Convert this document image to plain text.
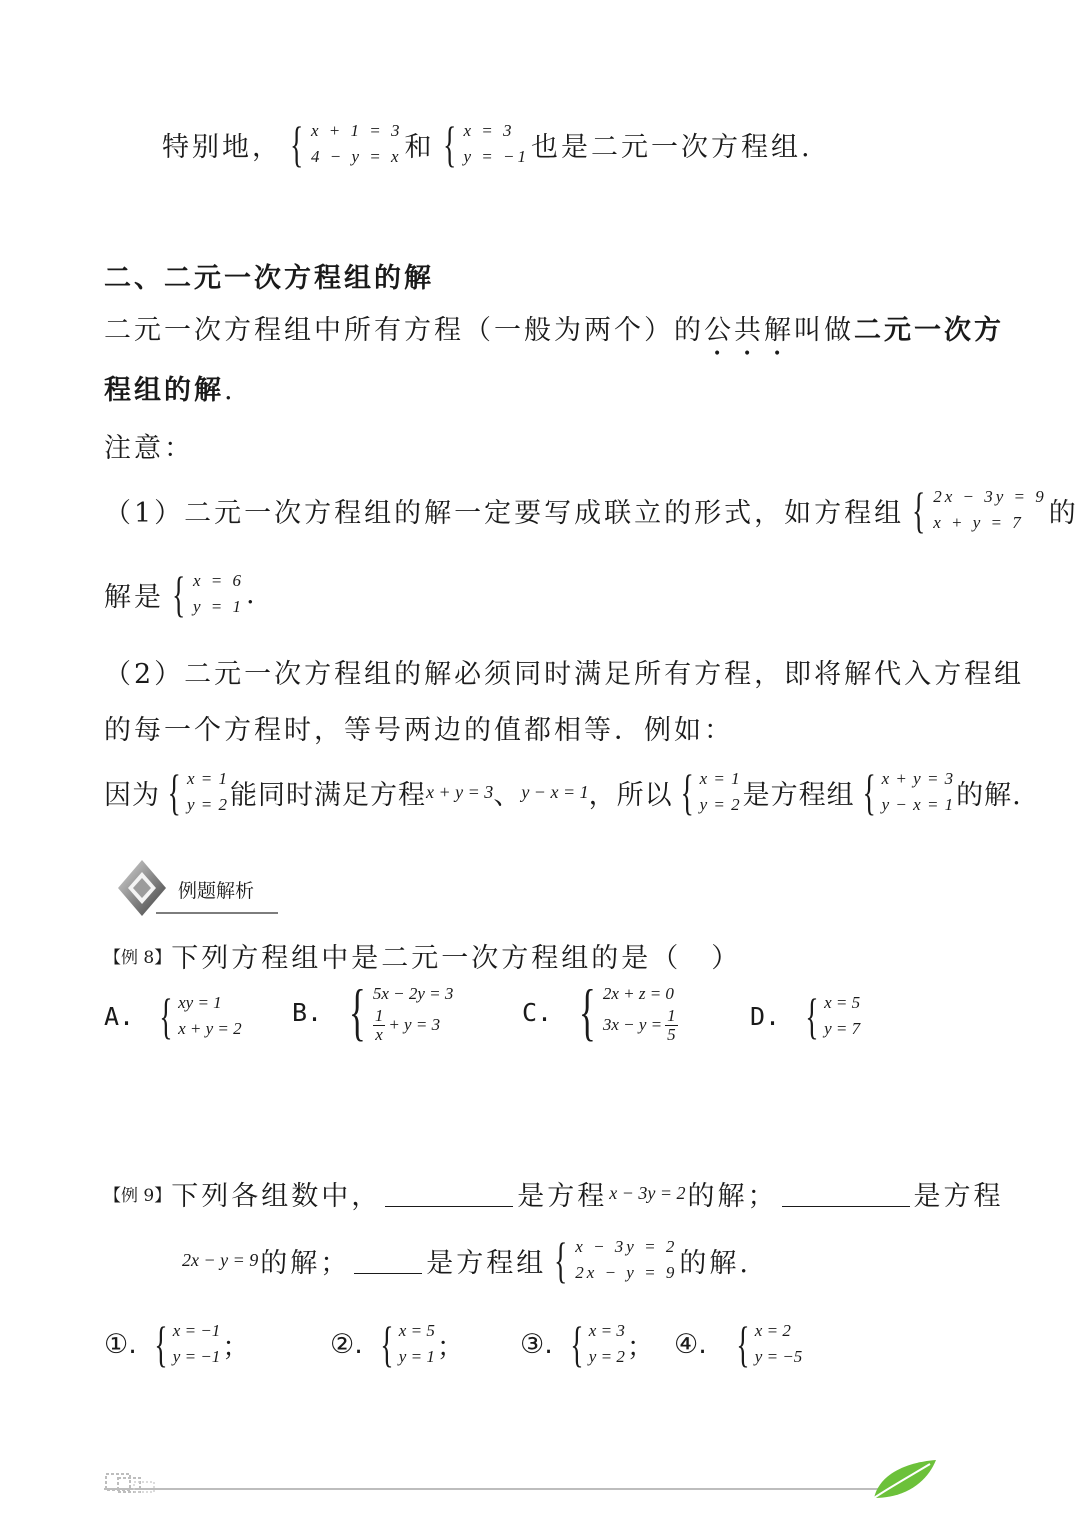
特别地， { x + 1 = 3
4 − y = x 和 { x = 3
y = −1 也是二元一次方程组.
二、二元一次方程组的解
二元一次方程组中所有方程（一般为两个）的公共解叫做二元一次方
程组的解.
注意：
（1）二元一次方程组的解一定要写成联立的形式，如方程组 { 2x − 3y = 9
x + y = 7 的
解是 { x = 6
y = 1 .
（2）二元一次方程组的解必须同时满足所有方程，即将解代入方程组
的每一个方程时，等号两边的值都相等．例如：
因为 { x = 1
y = 2 能同时满足方程 x + y = 3 、 y − x = 1 ，所以 { x = 1
y = 2 是方程组 { x + y = 3
y − x = 1 的解.
例题解析
【例 8】 下列方程组中是二元一次方程组的是（　）
A. { xy = 1
x + y = 2
B. { 5x − 2y = 3
$\frac{1}{x} + y = 3$	C. { 2x + z = 0
$3x - y = \frac{1}{5}$	D. { x = 5
y = 7
【例 9】 下列各组数中，	是方程 x − 3y = 2 的解；	是方程
2x − y = 9 的解；	是方程组 { x − 3y = 2
2x − y = 9 的解.
①. { x = −1
y = −1 ；	②. { x = 5
y = 1 ； ③. { x = 3
y = 2 ； ④. { x = 2
y = −5
